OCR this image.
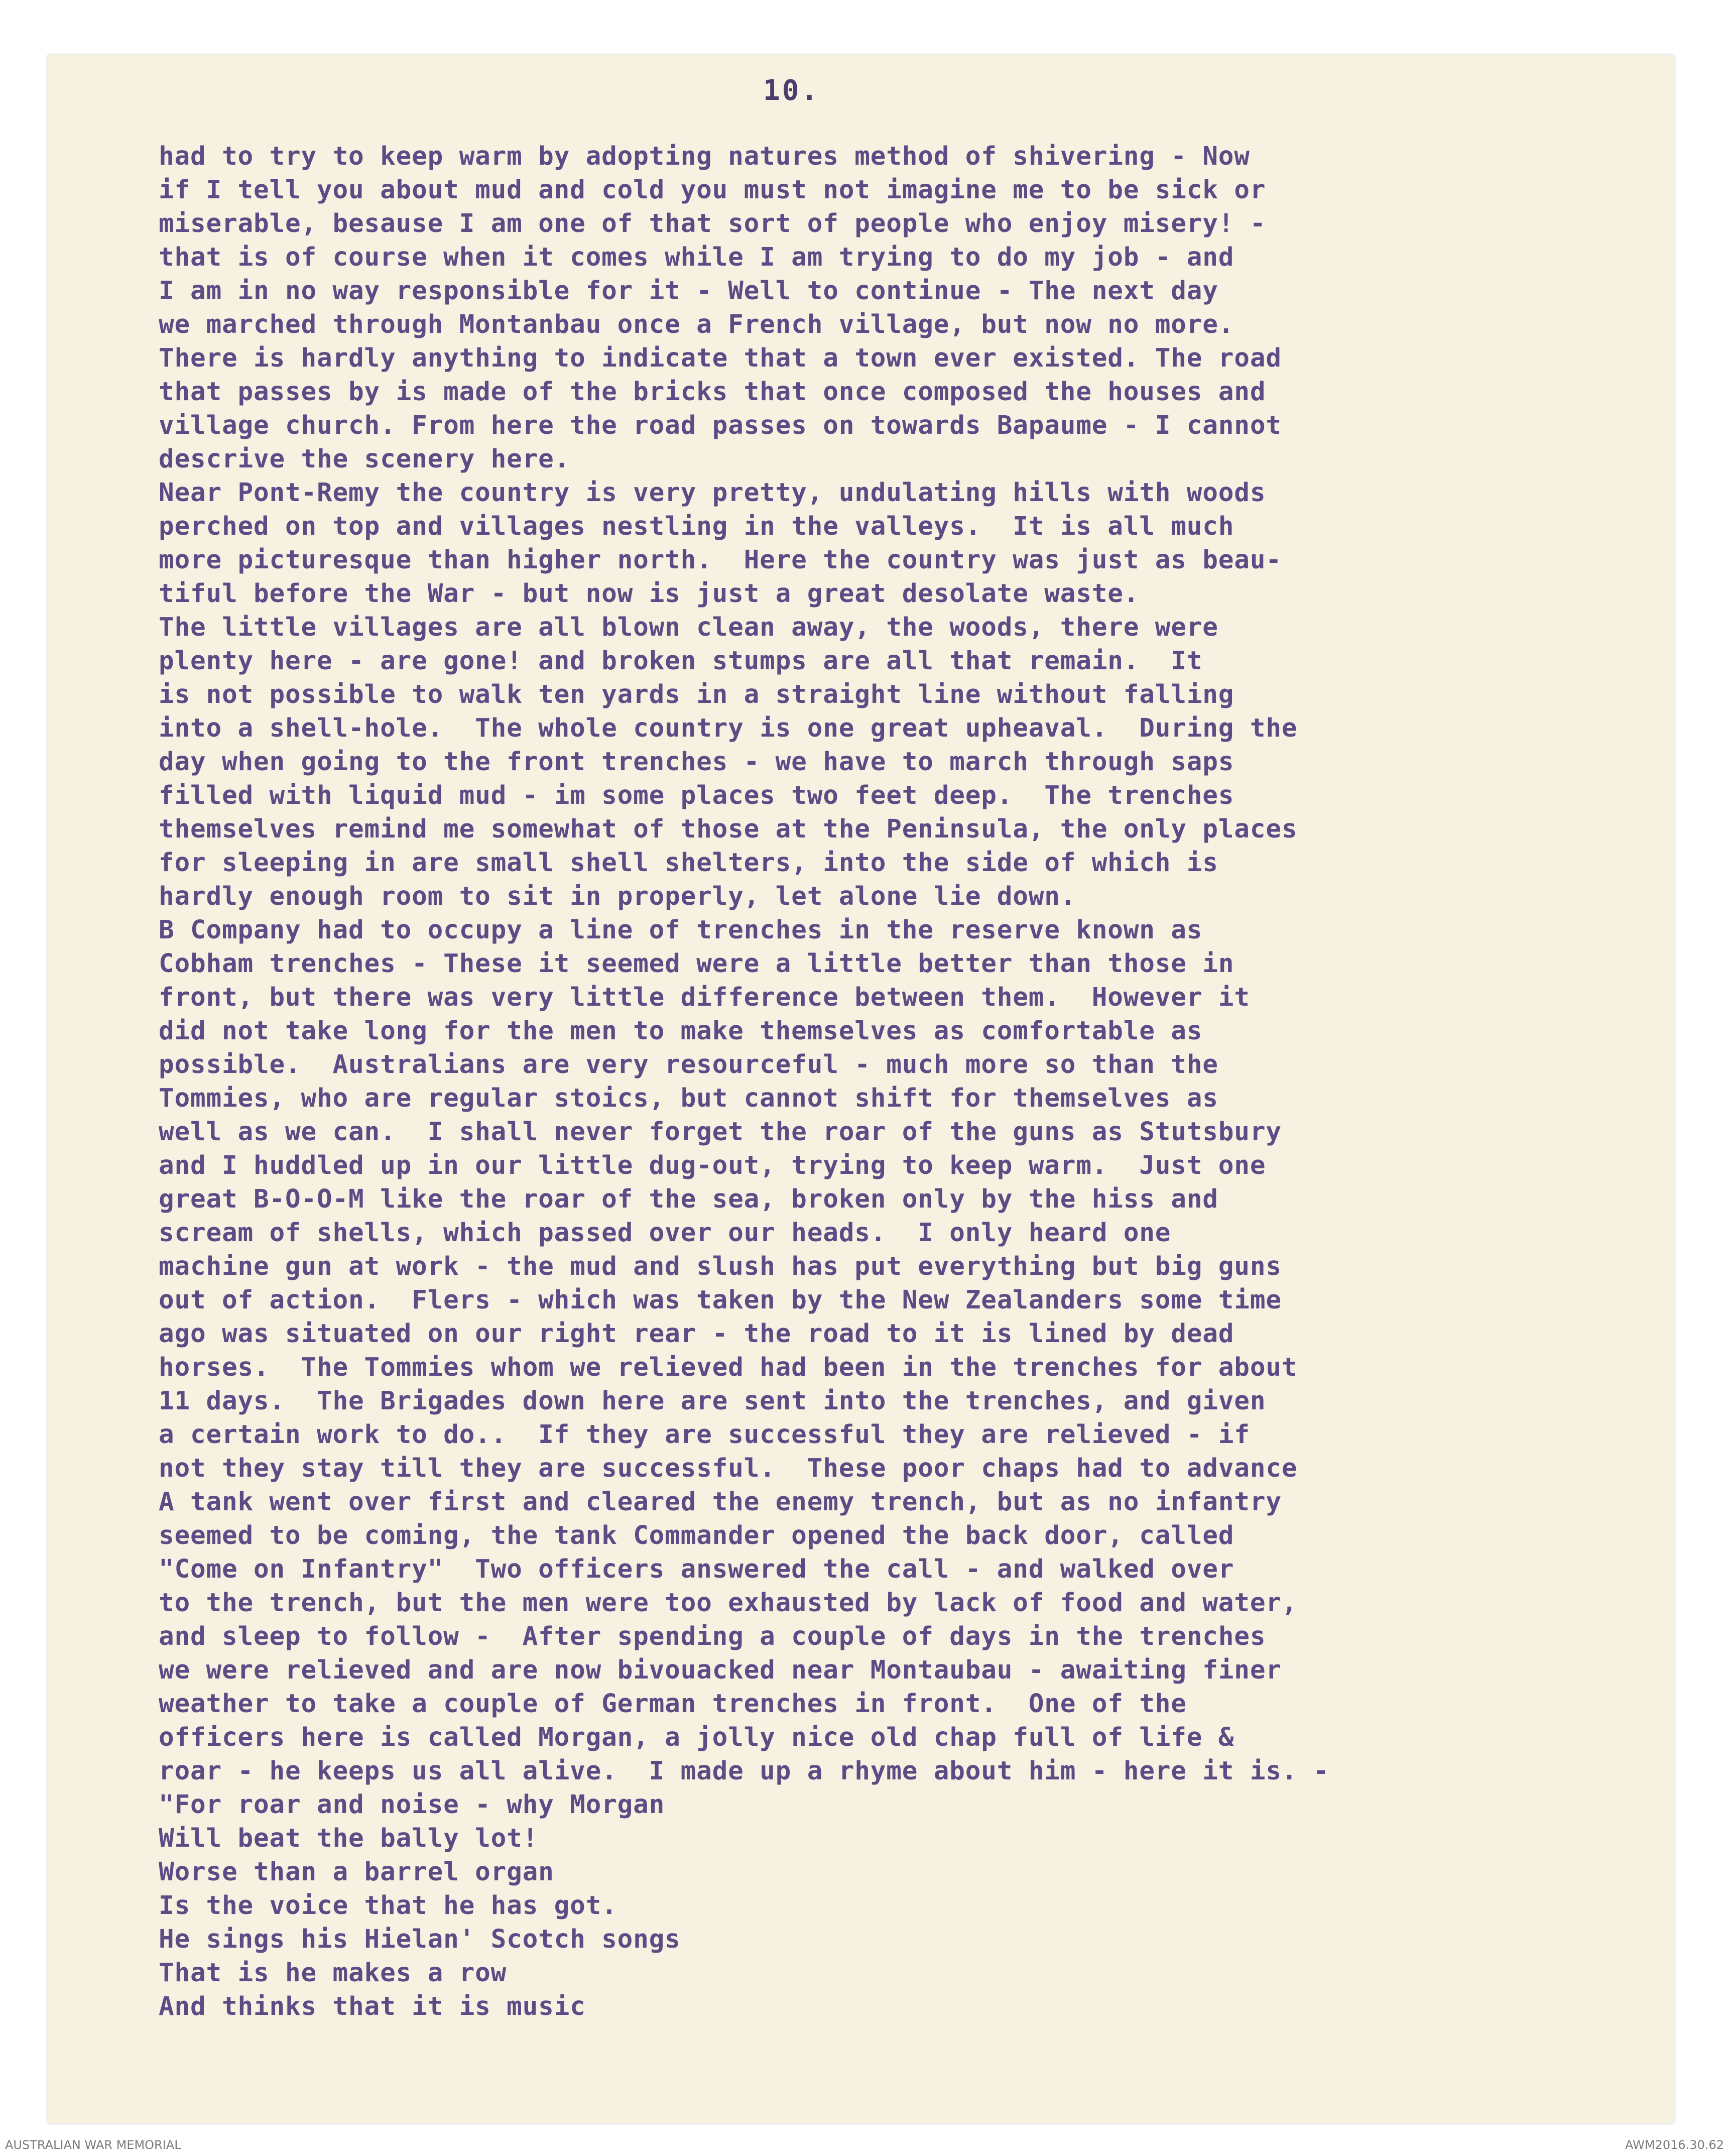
10.
had to try to keep warm by adopting natures method of shivering - Now
if I tell you about mud and cold you must not imagine me to be sick or
miserable, besause I am one of that sort of people who enjoy misery! -
that is of course when it comes while I am trying to do my job - and
I am in no way responsible for it - Well to continue - The next day
we marched through Montanbau once a French village, but now no more.
There is hardly anything to indicate that a town ever existed. The road
that passes by is made of the bricks that once composed the houses and
village church. From here the road passes on towards Bapaume - I cannot
descrive the scenery here.
Near Pont-Remy the country is very pretty, undulating hills with woods
perched on top and villages nestling in the valleys.  It is all much
more picturesque than higher north.  Here the country was just as beau-
tiful before the War - but now is just a great desolate waste.
The little villages are all blown clean away, the woods, there were
plenty here - are gone! and broken stumps are all that remain.  It
is not possible to walk ten yards in a straight line without falling
into a shell-hole.  The whole country is one great upheaval.  During the
day when going to the front trenches - we have to march through saps
filled with liquid mud - im some places two feet deep.  The trenches
themselves remind me somewhat of those at the Peninsula, the only places
for sleeping in are small shell shelters, into the side of which is
hardly enough room to sit in properly, let alone lie down.
B Company had to occupy a line of trenches in the reserve known as
Cobham trenches - These it seemed were a little better than those in
front, but there was very little difference between them.  However it
did not take long for the men to make themselves as comfortable as
possible.  Australians are very resourceful - much more so than the
Tommies, who are regular stoics, but cannot shift for themselves as
well as we can.  I shall never forget the roar of the guns as Stutsbury
and I huddled up in our little dug-out, trying to keep warm.  Just one
great B-O-O-M like the roar of the sea, broken only by the hiss and
scream of shells, which passed over our heads.  I only heard one
machine gun at work - the mud and slush has put everything but big guns
out of action.  Flers - which was taken by the New Zealanders some time
ago was situated on our right rear - the road to it is lined by dead
horses.  The Tommies whom we relieved had been in the trenches for about
11 days.  The Brigades down here are sent into the trenches, and given
a certain work to do..  If they are successful they are relieved - if
not they stay till they are successful.  These poor chaps had to advance
A tank went over first and cleared the enemy trench, but as no infantry
seemed to be coming, the tank Commander opened the back door, called
"Come on Infantry"  Two officers answered the call - and walked over
to the trench, but the men were too exhausted by lack of food and water,
and sleep to follow -  After spending a couple of days in the trenches
we were relieved and are now bivouacked near Montaubau - awaiting finer
weather to take a couple of German trenches in front.  One of the
officers here is called Morgan, a jolly nice old chap full of life &
roar - he keeps us all alive.  I made up a rhyme about him - here it is. -
"For roar and noise - why Morgan
Will beat the bally lot!
Worse than a barrel organ
Is the voice that he has got.
He sings his Hielan' Scotch songs
That is he makes a row
And thinks that it is music
AUSTRALIAN WAR MEMORIAL	AWM2016.30.62
